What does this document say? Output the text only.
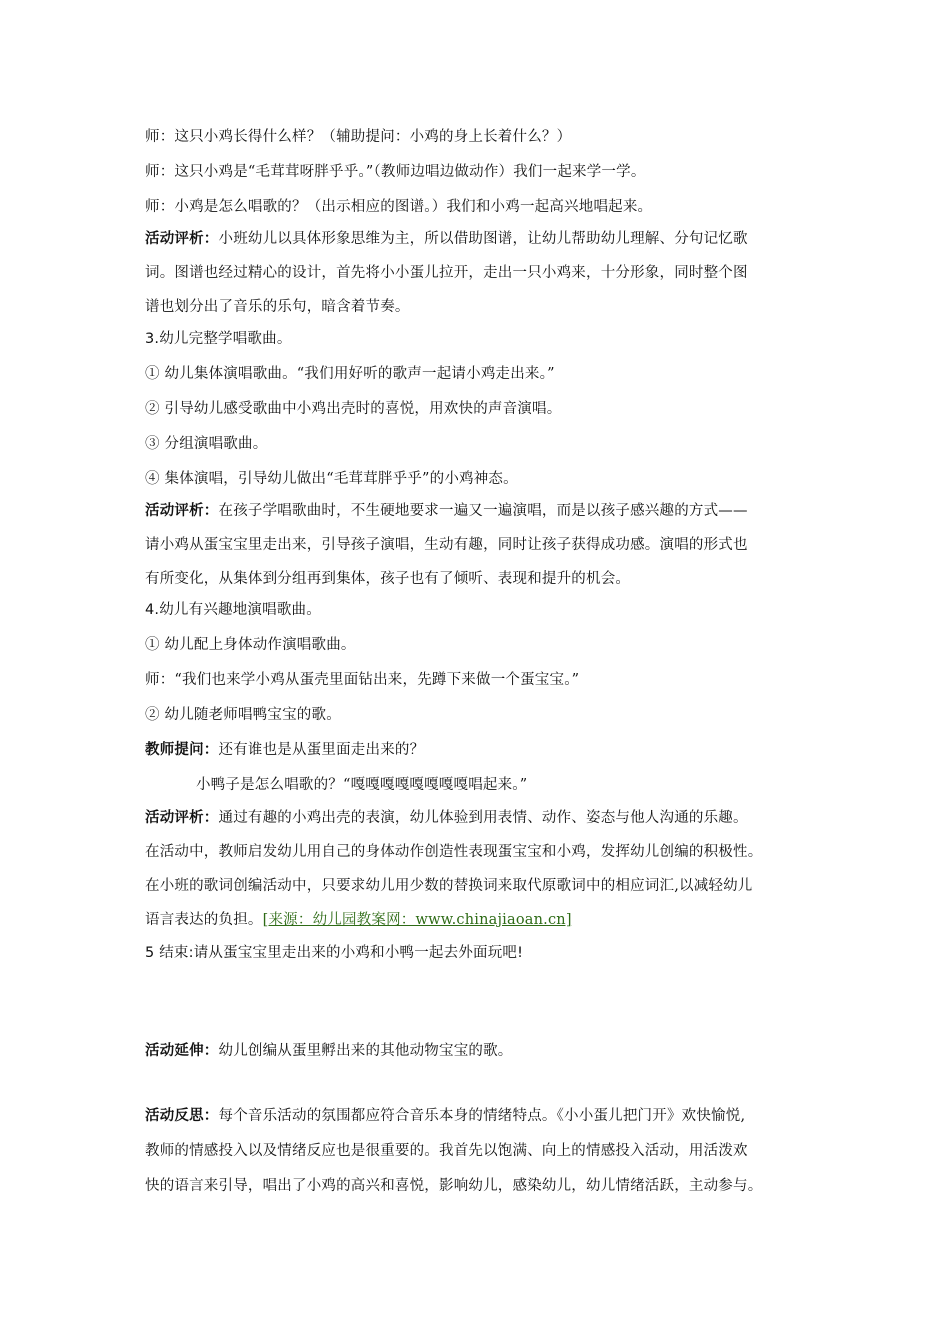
师：这只小鸡长得什么样？（辅助提问：小鸡的身上长着什么？）
师：这只小鸡是“毛茸茸呀胖乎乎。”（教师边唱边做动作）我们一起来学一学。
师：小鸡是怎么唱歌的？（出示相应的图谱。）我们和小鸡一起高兴地唱起来。
活动评析：小班幼儿以具体形象思维为主，所以借助图谱，让幼儿帮助幼儿理解、分句记忆歌
词。图谱也经过精心的设计，首先将小小蛋儿拉开，走出一只小鸡来，十分形象，同时整个图
谱也划分出了音乐的乐句，暗含着节奏。
3.幼儿完整学唱歌曲。
① 幼儿集体演唱歌曲。“我们用好听的歌声一起请小鸡走出来。”
② 引导幼儿感受歌曲中小鸡出壳时的喜悦，用欢快的声音演唱。
③ 分组演唱歌曲。
④ 集体演唱，引导幼儿做出“毛茸茸胖乎乎”的小鸡神态。
活动评析：在孩子学唱歌曲时，不生硬地要求一遍又一遍演唱，而是以孩子感兴趣的方式——
请小鸡从蛋宝宝里走出来，引导孩子演唱，生动有趣，同时让孩子获得成功感。演唱的形式也
有所变化，从集体到分组再到集体，孩子也有了倾听、表现和提升的机会。
4.幼儿有兴趣地演唱歌曲。
① 幼儿配上身体动作演唱歌曲。
师：“我们也来学小鸡从蛋壳里面钻出来，先蹲下来做一个蛋宝宝。”
② 幼儿随老师唱鸭宝宝的歌。
教师提问：还有谁也是从蛋里面走出来的？
小鸭子是怎么唱歌的？“嘎嘎嘎嘎嘎嘎嘎嘎唱起来。”
活动评析：通过有趣的小鸡出壳的表演，幼儿体验到用表情、动作、姿态与他人沟通的乐趣。
在活动中，教师启发幼儿用自己的身体动作创造性表现蛋宝宝和小鸡，发挥幼儿创编的积极性。
在小班的歌词创编活动中，只要求幼儿用少数的替换词来取代原歌词中的相应词汇,以减轻幼儿
语言表达的负担。[来源：幼儿园教案网：www.chinajiaoan.cn]
5 结束:请从蛋宝宝里走出来的小鸡和小鸭一起去外面玩吧!
活动延伸：幼儿创编从蛋里孵出来的其他动物宝宝的歌。
活动反思：每个音乐活动的氛围都应符合音乐本身的情绪特点。《小小蛋儿把门开》欢快愉悦,
教师的情感投入以及情绪反应也是很重要的。我首先以饱满、向上的情感投入活动，用活泼欢
快的语言来引导，唱出了小鸡的高兴和喜悦，影响幼儿，感染幼儿，幼儿情绪活跃，主动参与。
